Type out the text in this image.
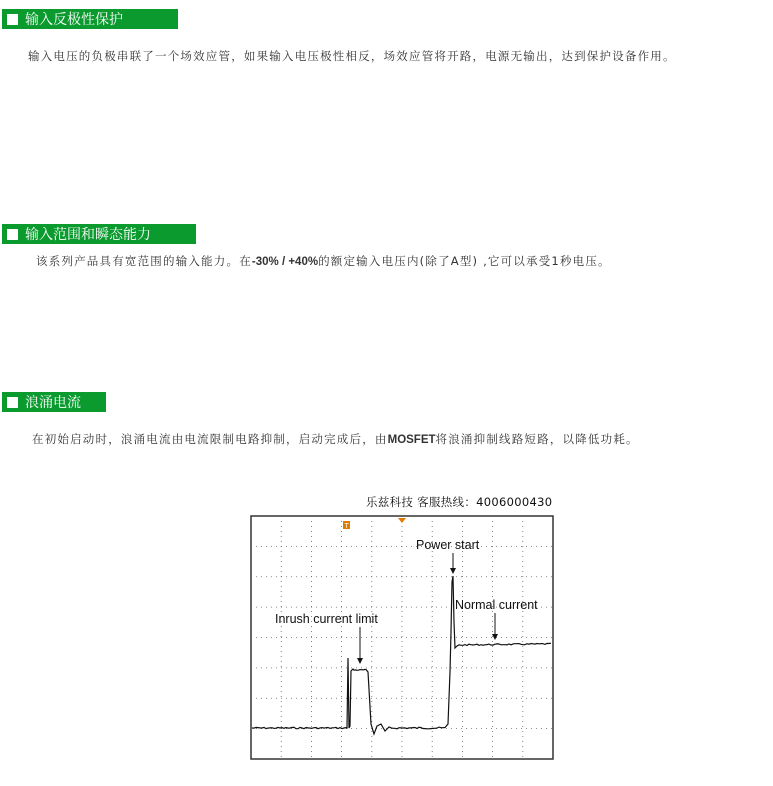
输入反极性保护
输入电压的负极串联了一个场效应管，如果输入电压极性相反，场效应管将开路，电源无输出，达到保护设备作用。
输入范围和瞬态能力
该系列产品具有宽范围的输入能力。在-30% / +40%的额定输入电压内(除了A型) ,它可以承受1秒电压。
浪涌电流
在初始启动时，浪涌电流由电流限制电路抑制，启动完成后，由MOSFET将浪涌抑制线路短路，以降低功耗。
乐兹科技 客服热线：4006000430
T
Power start
Normal current
Inrush current limit
